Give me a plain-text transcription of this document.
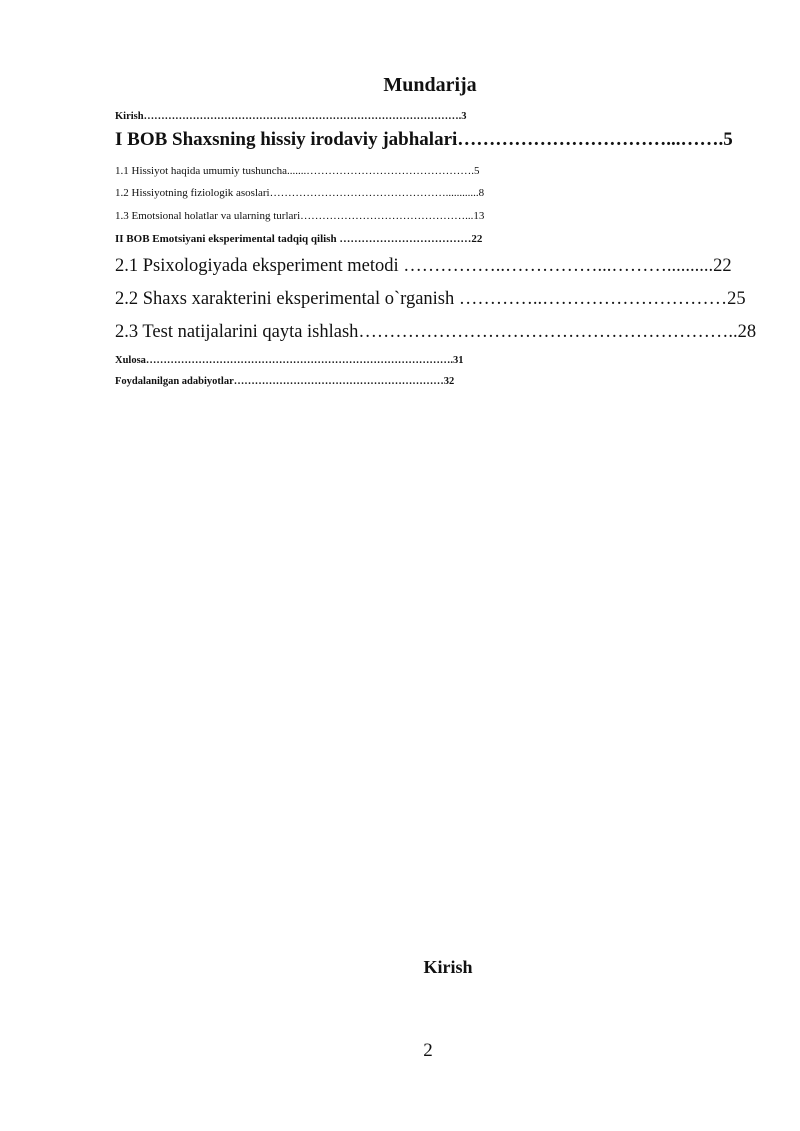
Mundarija

Kirish……………………………………………………………………………….3

I BOB Shaxsning hissiy irodaviy jabhalari……………………………...…….5

1.1 Hissiyot haqida umumiy tushuncha.......……………………………………….5

1.2 Hissiyotning fiziologik asoslari…………………………………………............8

1.3 Emotsional holatlar va ularning turlari………………………………………...13

II BOB Emotsiyani eksperimental tadqiq qilish ………………………………22

2.1 Psixologiyada eksperiment metodi ……………..……………...………..........22

2.2 Shaxs xarakterini eksperimental o`rganish …………..…………………………25

2.3 Test natijalarini qayta ishlash……………………………………………………..28

Xulosa…………………………………………………………………………….31

Foydalanilgan adabiyotlar……………………………………………………32

Kirish

2
